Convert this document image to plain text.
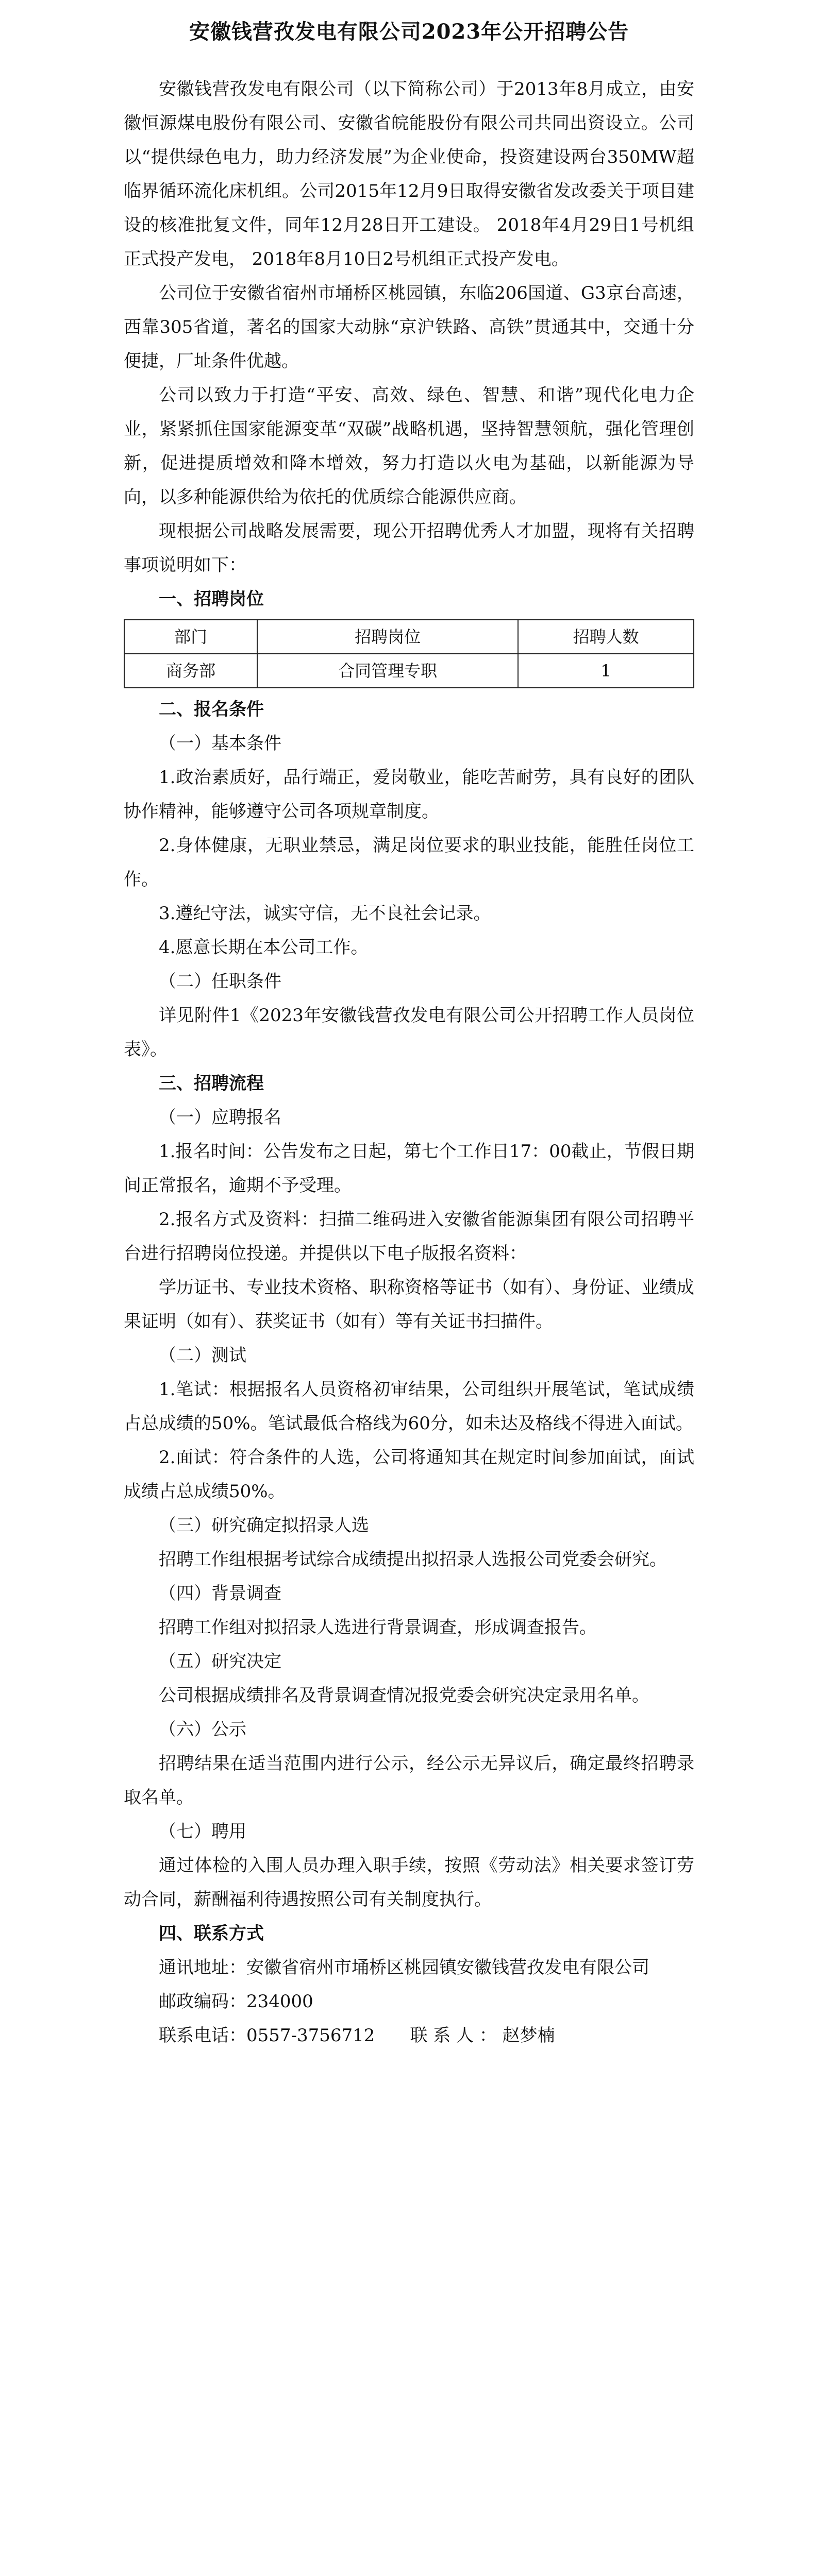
安徽钱营孜发电有限公司2023年公开招聘公告

安徽钱营孜发电有限公司（以下简称公司）于2013年8月成立，由安徽恒源煤电股份有限公司、安徽省皖能股份有限公司共同出资设立。公司以“提供绿色电力，助力经济发展”为企业使命，投资建设两台350MW超临界循环流化床机组。公司2015年12月9日取得安徽省发改委关于项目建设的核准批复文件，同年12月28日开工建设。 2018年4月29日1号机组正式投产发电， 2018年8月10日2号机组正式投产发电。

公司位于安徽省宿州市埇桥区桃园镇，东临206国道、G3京台高速，西靠305省道，著名的国家大动脉“京沪铁路、高铁”贯通其中，交通十分便捷，厂址条件优越。

公司以致力于打造“平安、高效、绿色、智慧、和谐”现代化电力企业，紧紧抓住国家能源变革“双碳”战略机遇，坚持智慧领航，强化管理创新，促进提质增效和降本增效，努力打造以火电为基础，以新能源为导向，以多种能源供给为依托的优质综合能源供应商。

现根据公司战略发展需要，现公开招聘优秀人才加盟，现将有关招聘事项说明如下：

一、招聘岗位

部门	招聘岗位	招聘人数
商务部	合同管理专职	1

二、报名条件

（一）基本条件

1.政治素质好，品行端正，爱岗敬业，能吃苦耐劳，具有良好的团队协作精神，能够遵守公司各项规章制度。

2.身体健康，无职业禁忌，满足岗位要求的职业技能，能胜任岗位工作。

3.遵纪守法，诚实守信，无不良社会记录。

4.愿意长期在本公司工作。

（二）任职条件

详见附件1《2023年安徽钱营孜发电有限公司公开招聘工作人员岗位表》。

三、招聘流程

（一）应聘报名

1.报名时间：公告发布之日起，第七个工作日17：00截止，节假日期间正常报名，逾期不予受理。

2.报名方式及资料：扫描二维码进入安徽省能源集团有限公司招聘平台进行招聘岗位投递。并提供以下电子版报名资料：

学历证书、专业技术资格、职称资格等证书（如有）、身份证、业绩成果证明（如有）、获奖证书（如有）等有关证书扫描件。

（二）测试

1.笔试：根据报名人员资格初审结果，公司组织开展笔试，笔试成绩占总成绩的50%。笔试最低合格线为60分，如未达及格线不得进入面试。

2.面试：符合条件的人选，公司将通知其在规定时间参加面试，面试成绩占总成绩50%。

（三）研究确定拟招录人选

招聘工作组根据考试综合成绩提出拟招录人选报公司党委会研究。

（四）背景调查

招聘工作组对拟招录人选进行背景调查，形成调查报告。

（五）研究决定

公司根据成绩排名及背景调查情况报党委会研究决定录用名单。

（六）公示

招聘结果在适当范围内进行公示，经公示无异议后，确定最终招聘录取名单。

（七）聘用

通过体检的入围人员办理入职手续，按照《劳动法》相关要求签订劳动合同，薪酬福利待遇按照公司有关制度执行。

四、联系方式

通讯地址：安徽省宿州市埇桥区桃园镇安徽钱营孜发电有限公司

邮政编码：234000

联系电话：0557-3756712　　联 系 人 ： 赵梦楠
